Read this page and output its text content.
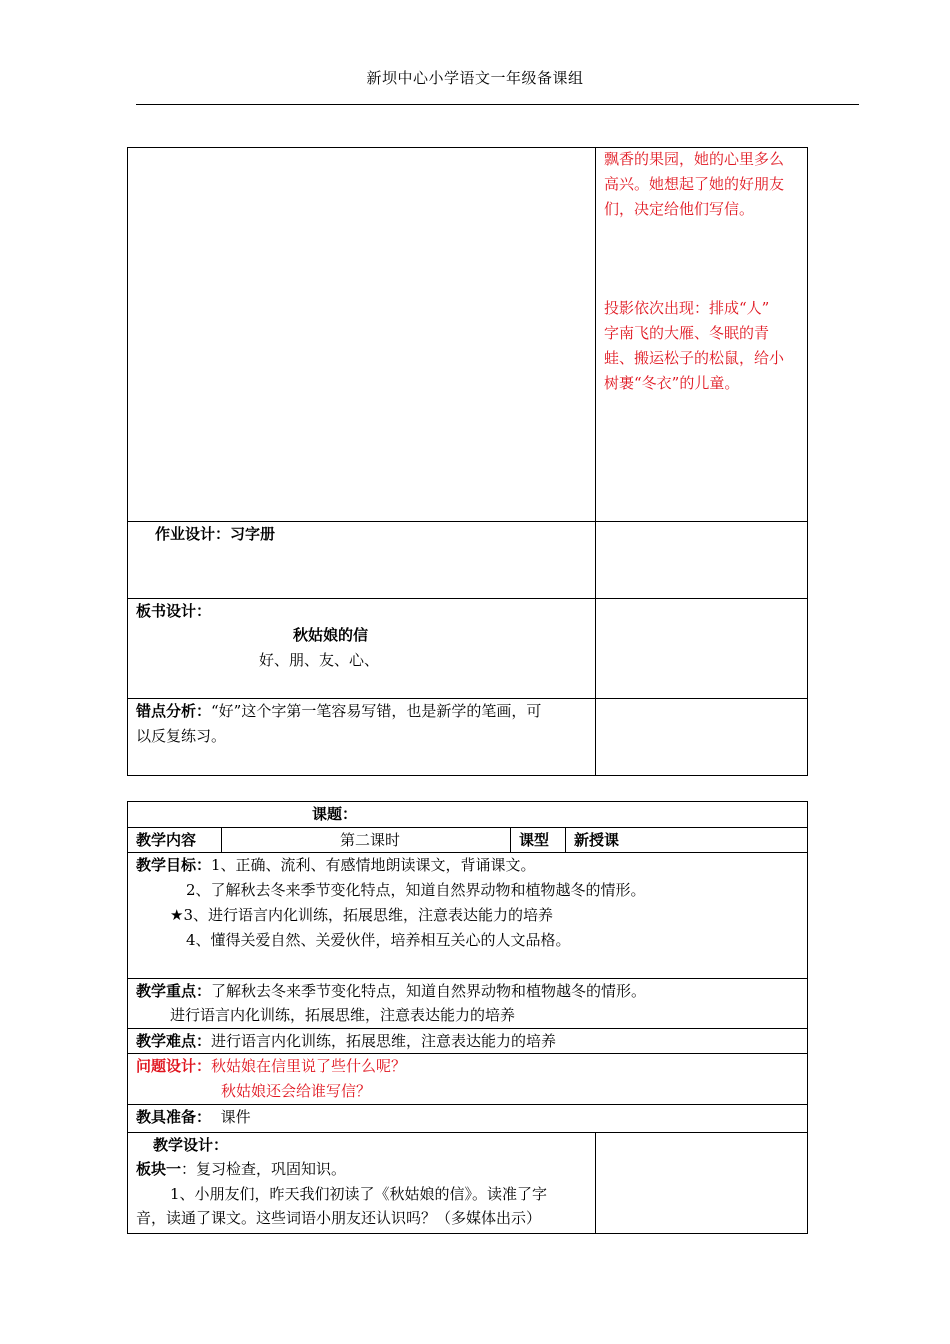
新坝中心小学语文一年级备课组
飘香的果园，她的心里多么
高兴。她想起了她的好朋友
们，决定给他们写信。
投影依次出现：排成“人”
字南飞的大雁、冬眠的青
蛙、搬运松子的松鼠，给小
树裹“冬衣”的儿童。
作业设计：习字册
板书设计：
秋姑娘的信
好、朋、友、心、
错点分析：“好”这个字第一笔容易写错，也是新学的笔画，可
以反复练习。
课题：
教学内容	第二课时	课型 新授课
教学目标：1、正确、流利、有感情地朗读课文，背诵课文。
2、了解秋去冬来季节变化特点，知道自然界动物和植物越冬的情形。
★3、进行语言内化训练，拓展思维，注意表达能力的培养
4、懂得关爱自然、关爱伙伴，培养相互关心的人文品格。
教学重点：了解秋去冬来季节变化特点，知道自然界动物和植物越冬的情形。
进行语言内化训练，拓展思维，注意表达能力的培养
教学难点：进行语言内化训练，拓展思维，注意表达能力的培养
问题设计：秋姑娘在信里说了些什么呢？
秋姑娘还会给谁写信？
教具准备： 课件
教学设计：
板块一：复习检查，巩固知识。
1、小朋友们，昨天我们初读了《秋姑娘的信》。读准了字
音，读通了课文。这些词语小朋友还认识吗？（多媒体出示）
